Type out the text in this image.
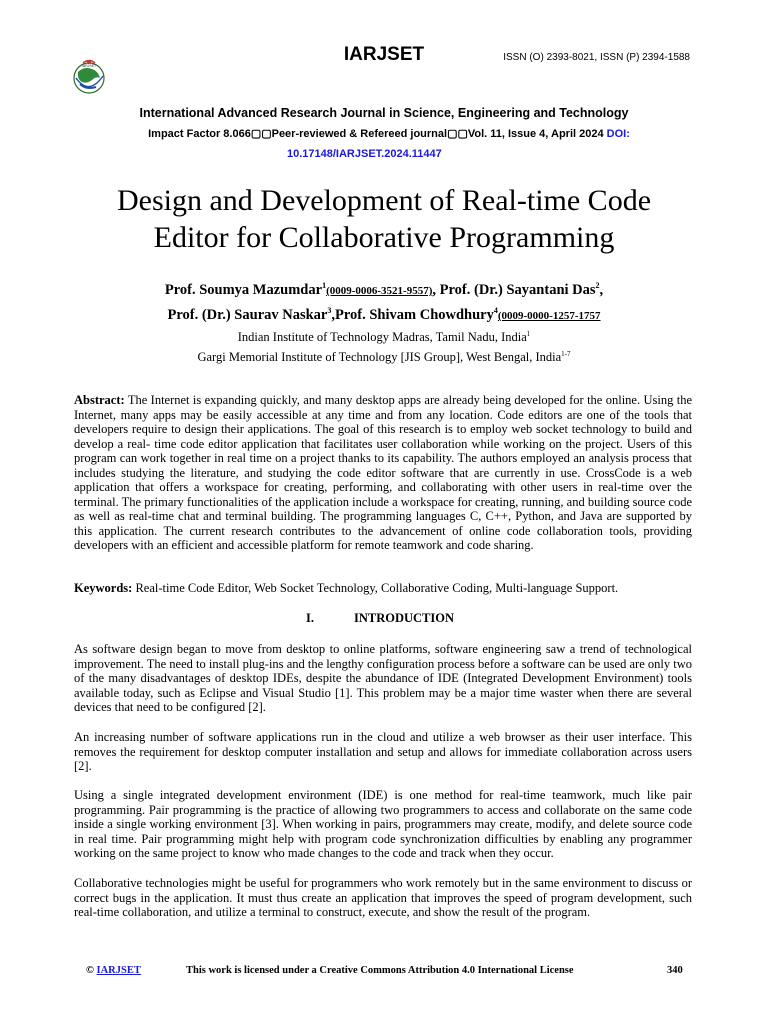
IARJSET
IARJSET	ISSN (O) 2393-8021, ISSN (P) 2394-1588
International Advanced Research Journal in Science, Engineering and Technology
Impact Factor 8.066▢▢Peer-reviewed & Refereed journal▢▢Vol. 11, Issue 4, April 2024 DOI:
10.17148/IARJSET.2024.11447
Design and Development of Real-time Code
Editor for Collaborative Programming
Prof. Soumya Mazumdar$^1$(0009-0006-3521-9557), Prof. (Dr.) Sayantani Das$^2$,
Prof. (Dr.) Saurav Naskar$^3$,Prof. Shivam Chowdhury$^4$(0009-0000-1257-1757
Indian Institute of Technology Madras, Tamil Nadu, India$^1$
Gargi Memorial Institute of Technology [JIS Group], West Bengal, India$^{1-7}$
Abstract: The Internet is expanding quickly, and many desktop apps are already being developed for the online. Using the Internet, many apps may be easily accessible at any time and from any location. Code editors are one of the tools that developers require to design their applications. The goal of this research is to employ web socket technology to build and develop a real- time code editor application that facilitates user collaboration while working on the project. Users of this program can work together in real time on a project thanks to its capability. The authors employed an analysis process that includes studying the literature, and studying the code editor software that are currently in use. CrossCode is a web application that offers a workspace for creating, performing, and collaborating with other users in real-time over the terminal. The primary functionalities of the application include a workspace for creating, running, and building source code as well as real-time chat and terminal building. The programming languages C, C++, Python, and Java are supported by this application. The current research contributes to the advancement of online code collaboration tools, providing developers with an efficient and accessible platform for remote teamwork and code sharing.
Keywords: Real-time Code Editor, Web Socket Technology, Collaborative Coding, Multi-language Support.
I.	INTRODUCTION
As software design began to move from desktop to online platforms, software engineering saw a trend of technological improvement. The need to install plug-ins and the lengthy configuration process before a software can be used are only two of the many disadvantages of desktop IDEs, despite the abundance of IDE (Integrated Development Environment) tools available today, such as Eclipse and Visual Studio [1]. This problem may be a major time waster when there are several devices that need to be configured [2].
An increasing number of software applications run in the cloud and utilize a web browser as their user interface. This removes the requirement for desktop computer installation and setup and allows for immediate collaboration across users [2].
Using a single integrated development environment (IDE) is one method for real-time teamwork, much like pair programming. Pair programming is the practice of allowing two programmers to access and collaborate on the same code inside a single working environment [3]. When working in pairs, programmers may create, modify, and delete source code in real time. Pair programming might help with program code synchronization difficulties by enabling any programmer working on the same project to know who made changes to the code and track when they occur.
Collaborative technologies might be useful for programmers who work remotely but in the same environment to discuss or correct bugs in the application. It must thus create an application that improves the speed of program development, such real-time collaboration, and utilize a terminal to construct, execute, and show the result of the program.
© IARJSET	This work is licensed under a Creative Commons Attribution 4.0 International License	340
